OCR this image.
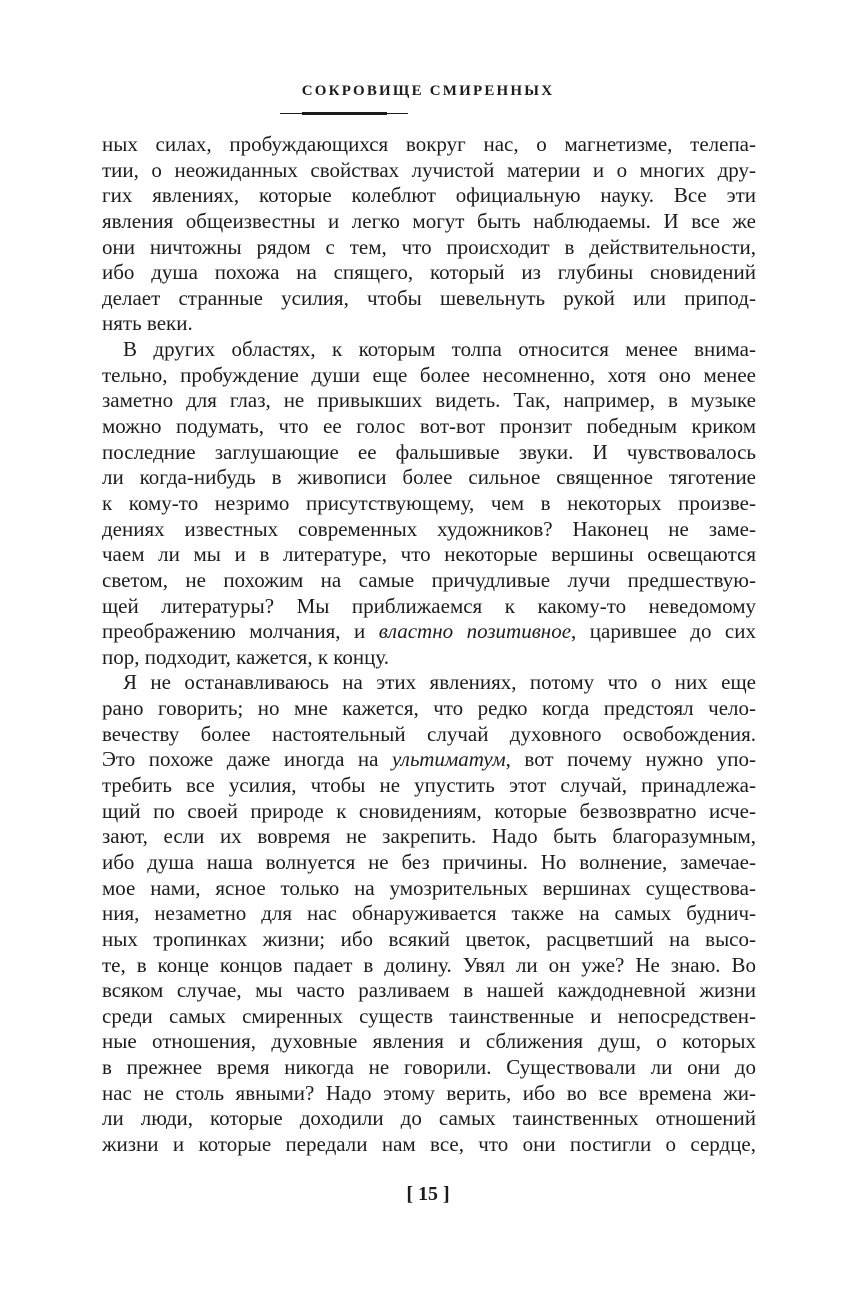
СОКРОВИЩЕ СМИРЕННЫХ
ных силах, пробуждающихся вокруг нас, о магнетизме, телепа-
тии, о неожиданных свойствах лучистой материи и о многих дру-
гих явлениях, которые колеблют официальную науку. Все эти
явления общеизвестны и легко могут быть наблюдаемы. И все же
они ничтожны рядом с тем, что происходит в действительности,
ибо душа похожа на спящего, который из глубины сновидений
делает странные усилия, чтобы шевельнуть рукой или припод-
нять веки.
В других областях, к которым толпа относится менее внима-
тельно, пробуждение души еще более несомненно, хотя оно менее
заметно для глаз, не привыкших видеть. Так, например, в музыке
можно подумать, что ее голос вот-вот пронзит победным криком
последние заглушающие ее фальшивые звуки. И чувствовалось
ли когда-нибудь в живописи более сильное священное тяготение
к кому-то незримо присутствующему, чем в некоторых произве-
дениях известных современных художников? Наконец не заме-
чаем ли мы и в литературе, что некоторые вершины освещаются
светом, не похожим на самые причудливые лучи предшествую-
щей литературы? Мы приближаемся к какому-то неведомому
преображению молчания, и властно позитивное, царившее до сих
пор, подходит, кажется, к концу.
Я не останавливаюсь на этих явлениях, потому что о них еще
рано говорить; но мне кажется, что редко когда предстоял чело-
вечеству более настоятельный случай духовного освобождения.
Это похоже даже иногда на ультиматум, вот почему нужно упо-
требить все усилия, чтобы не упустить этот случай, принадлежа-
щий по своей природе к сновидениям, которые безвозвратно исче-
зают, если их вовремя не закрепить. Надо быть благоразумным,
ибо душа наша волнуется не без причины. Но волнение, замечае-
мое нами, ясное только на умозрительных вершинах существова-
ния, незаметно для нас обнаруживается также на самых буднич-
ных тропинках жизни; ибо всякий цветок, расцветший на высо-
те, в конце концов падает в долину. Увял ли он уже? Не знаю. Во
всяком случае, мы часто разливаем в нашей каждодневной жизни
среди самых смиренных существ таинственные и непосредствен-
ные отношения, духовные явления и сближения душ, о которых
в прежнее время никогда не говорили. Существовали ли они до
нас не столь явными? Надо этому верить, ибо во все времена жи-
ли люди, которые доходили до самых таинственных отношений
жизни и которые передали нам все, что они постигли о сердце,
[ 15 ]
